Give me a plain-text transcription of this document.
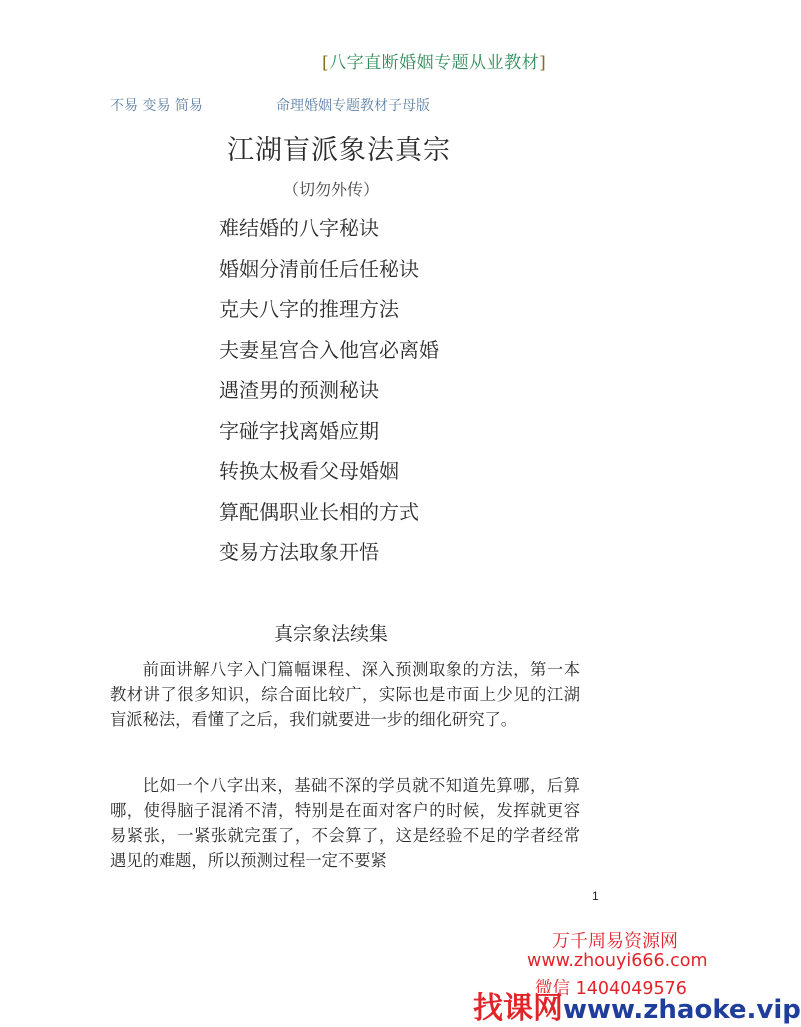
[八字直断婚姻专题从业教材]
不易 变易 简易	命理婚姻专题教材子母版
江湖盲派象法真宗
（切勿外传）
难结婚的八字秘诀
婚姻分清前任后任秘诀
克夫八字的推理方法
夫妻星宫合入他宫必离婚
遇渣男的预测秘诀
字碰字找离婚应期
转换太极看父母婚姻
算配偶职业长相的方式
变易方法取象开悟
真宗象法续集

前面讲解八字入门篇幅课程、深入预测取象的方法，第一本教材讲了很多知识，综合面比较广，实际也是市面上少见的江湖盲派秘法，看懂了之后，我们就要进一步的细化研究了。

比如一个八字出来，基础不深的学员就不知道先算哪，后算哪，使得脑子混淆不清，特别是在面对客户的时候，发挥就更容易紧张，一紧张就完蛋了，不会算了，这是经验不足的学者经常遇见的难题，所以预测过程一定不要紧

1
万千周易资源网
www.zhouyi666.com
微信 1404049576
找课网www.zhaoke.vip
